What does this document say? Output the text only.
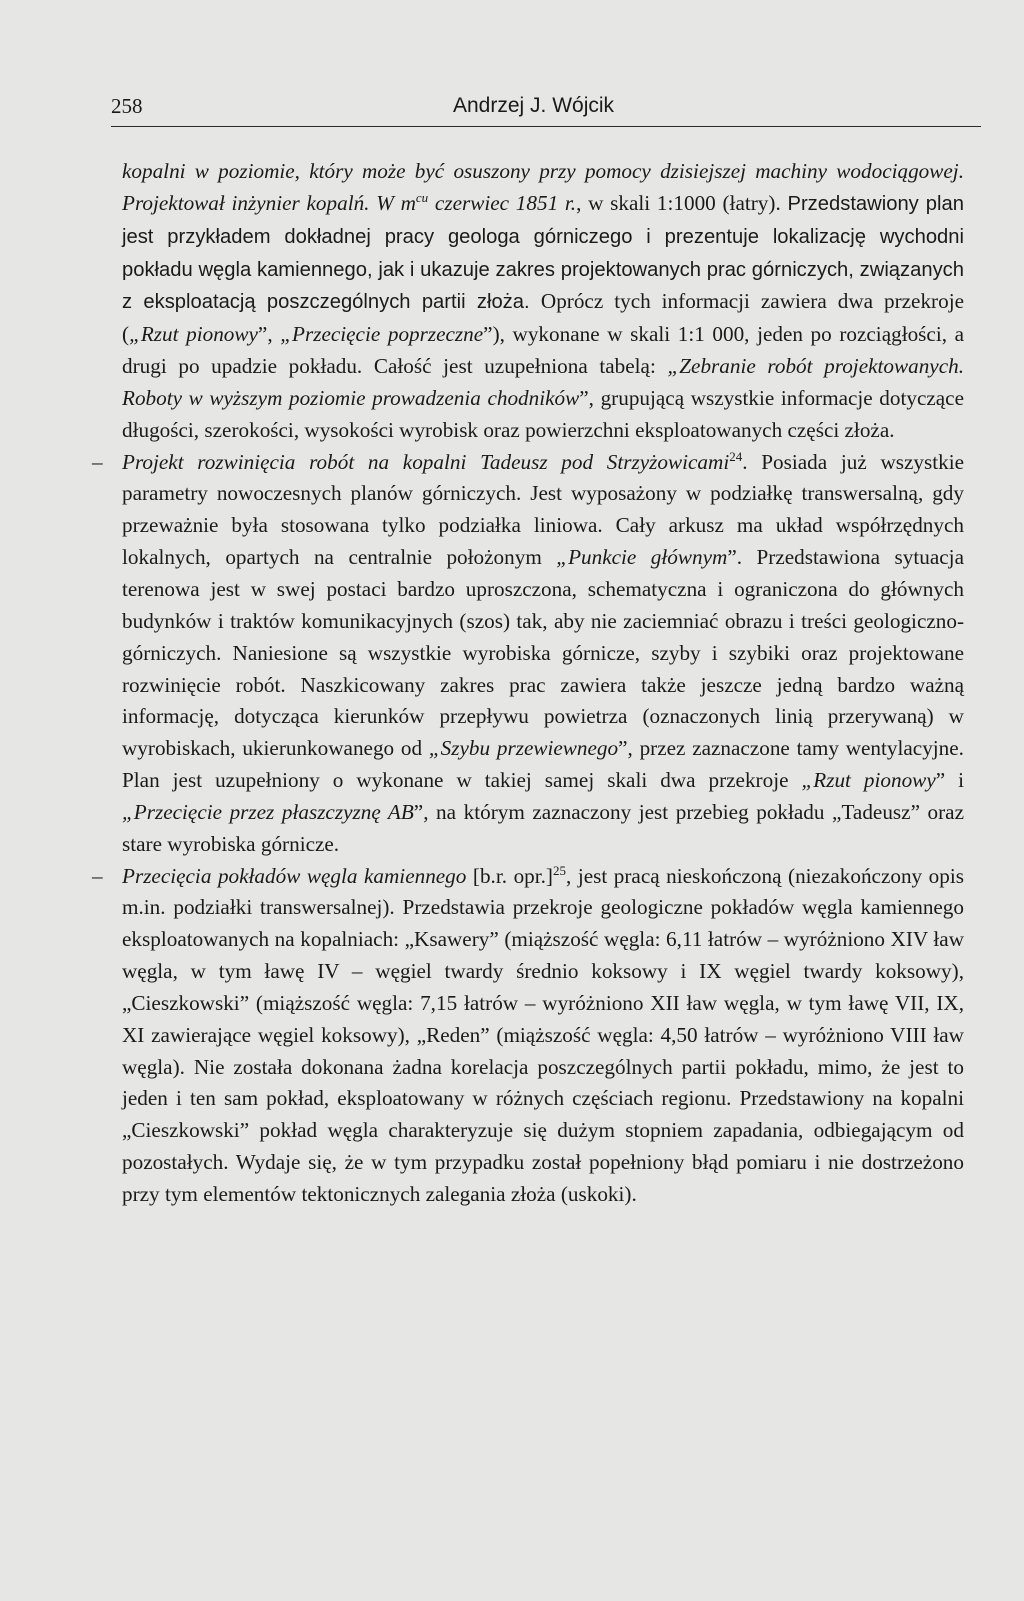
258	Andrzej J. Wójcik

kopalni w poziomie, który może być osuszony przy pomocy dzisiejszej machiny wodociągowej. Projektował inżynier kopalń. W $m^{cu}$ czerwiec 1851 r., w skali 1:1000 (łatry). Przedstawiony plan jest przykładem dokładnej pracy geologa górniczego i prezentuje lokalizację wychodni pokładu węgla kamiennego, jak i ukazuje zakres projektowanych prac górniczych, związanych z eksploatacją poszczególnych partii złoża. Oprócz tych informacji zawiera dwa przekroje („Rzut pionowy”, „Przecięcie poprzeczne”), wykonane w skali 1:1 000, jeden po rozciągłości, a drugi po upadzie pokładu. Całość jest uzupełniona tabelą: „Zebranie robót projektowanych. Roboty w wyższym poziomie prowadzenia chodników”, grupującą wszystkie informacje dotyczące długości, szerokości, wysokości wyrobisk oraz powierzchni eksploatowanych części złoża.

– Projekt rozwinięcia robót na kopalni Tadeusz pod Strzyżowicami$^{24}$. Posiada już wszystkie parametry nowoczesnych planów górniczych. Jest wyposażony w podziałkę transwersalną, gdy przeważnie była stosowana tylko podziałka liniowa. Cały arkusz ma układ współrzędnych lokalnych, opartych na centralnie położonym „Punkcie głównym”. Przedstawiona sytuacja terenowa jest w swej postaci bardzo uproszczona, schematyczna i ograniczona do głównych budynków i traktów komunikacyjnych (szos) tak, aby nie zaciemniać obrazu i treści geologiczno-górniczych. Naniesione są wszystkie wyrobiska górnicze, szyby i szybiki oraz projektowane rozwinięcie robót. Naszkicowany zakres prac zawiera także jeszcze jedną bardzo ważną informację, dotycząca kierunków przepływu powietrza (oznaczonych linią przerywaną) w wyrobiskach, ukierunkowanego od „Szybu przewiewnego”, przez zaznaczone tamy wentylacyjne. Plan jest uzupełniony o wykonane w takiej samej skali dwa przekroje „Rzut pionowy” i „Przecięcie przez płaszczyznę AB”, na którym zaznaczony jest przebieg pokładu „Tadeusz” oraz stare wyrobiska górnicze.

– Przecięcia pokładów węgla kamiennego [b.r. opr.]$^{25}$, jest pracą nieskończoną (niezakończony opis m.in. podziałki transwersalnej). Przedstawia przekroje geologiczne pokładów węgla kamiennego eksploatowanych na kopalniach: „Ksawery” (miąższość węgla: 6,11 łatrów – wyróżniono XIV ław węgla, w tym ławę IV – węgiel twardy średnio koksowy i IX węgiel twardy koksowy), „Cieszkowski” (miąższość węgla: 7,15 łatrów – wyróżniono XII ław węgla, w tym ławę VII, IX, XI zawierające węgiel koksowy), „Reden” (miąższość węgla: 4,50 łatrów – wyróżniono VIII ław węgla). Nie została dokonana żadna korelacja poszczególnych partii pokładu, mimo, że jest to jeden i ten sam pokład, eksploatowany w różnych częściach regionu. Przedstawiony na kopalni „Cieszkowski” pokład węgla charakteryzuje się dużym stopniem zapadania, odbiegającym od pozostałych. Wydaje się, że w tym przypadku został popełniony błąd pomiaru i nie dostrzeżono przy tym elementów tektonicznych zalegania złoża (uskoki).
